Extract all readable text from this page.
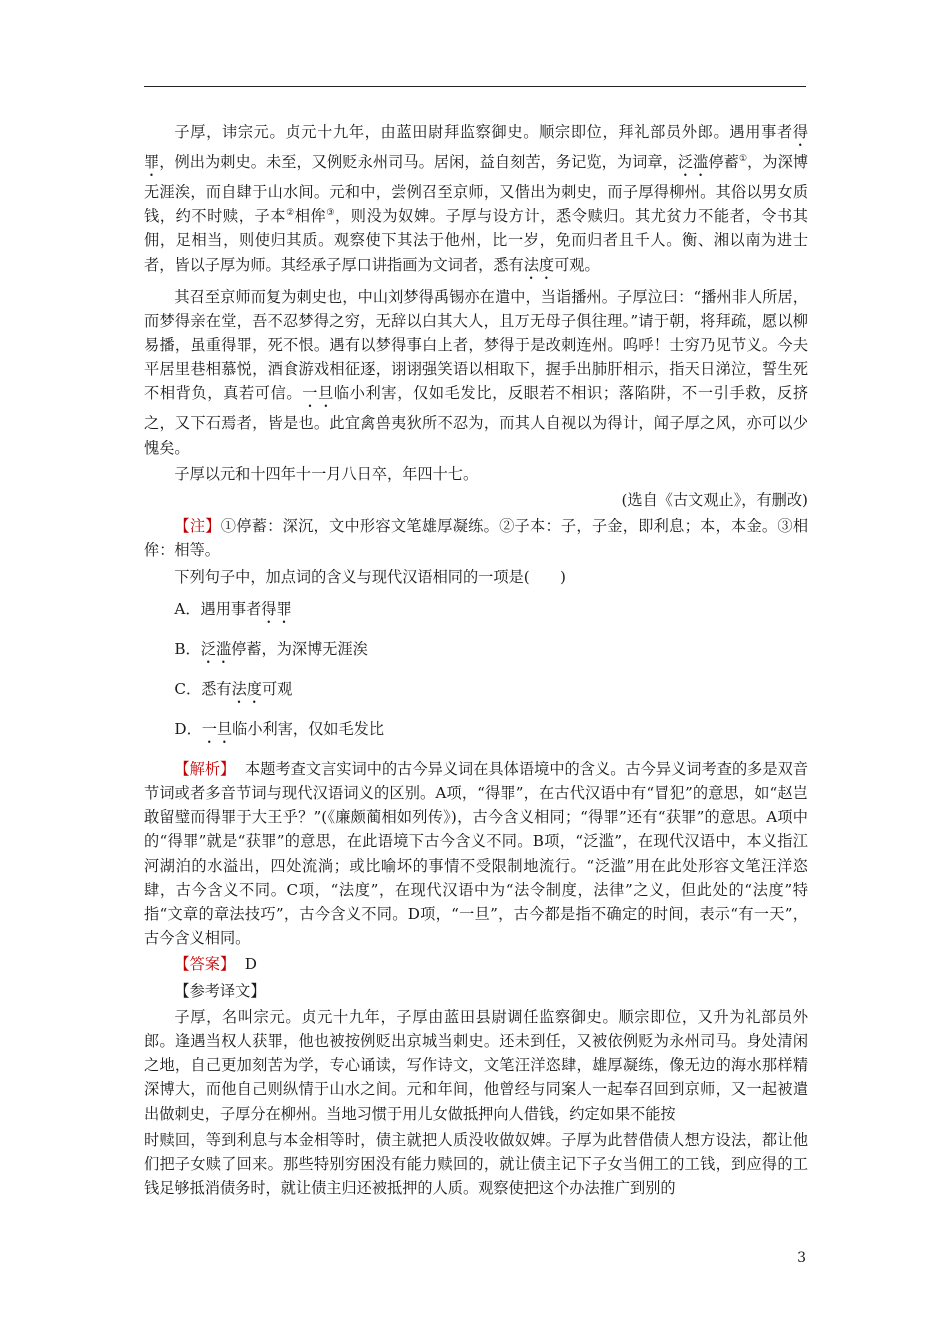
子厚，讳宗元。贞元十九年，由蓝田尉拜监察御史。顺宗即位，拜礼部员外郎。遇用事者得罪，例出为刺史。未至，又例贬永州司马。居闲，益自刻苦，务记览，为词章，泛滥停蓄①，为深博无涯涘，而自肆于山水间。元和中，尝例召至京师，又偕出为刺史，而子厚得柳州。其俗以男女质钱，约不时赎，子本②相侔③，则没为奴婢。子厚与设方计，悉令赎归。其尤贫力不能者，令书其佣，足相当，则使归其质。观察使下其法于他州，比一岁，免而归者且千人。衡、湘以南为进士者，皆以子厚为师。其经承子厚口讲指画为文词者，悉有法度可观。

其召至京师而复为刺史也，中山刘梦得禹锡亦在遣中，当诣播州。子厚泣曰：“播州非人所居，而梦得亲在堂，吾不忍梦得之穷，无辞以白其大人，且万无母子俱往理。”请于朝，将拜疏，愿以柳易播，虽重得罪，死不恨。遇有以梦得事白上者，梦得于是改刺连州。呜呼！士穷乃见节义。今夫平居里巷相慕悦，酒食游戏相征逐，诩诩强笑语以相取下，握手出肺肝相示，指天日涕泣，誓生死不相背负，真若可信。一旦临小利害，仅如毛发比，反眼若不相识；落陷阱，不一引手救，反挤之，又下石焉者，皆是也。此宜禽兽夷狄所不忍为，而其人自视以为得计，闻子厚之风，亦可以少愧矣。

子厚以元和十四年十一月八日卒，年四十七。

(选自《古文观止》，有删改)

【注】①停蓄：深沉，文中形容文笔雄厚凝练。②子本：子，子金，即利息；本，本金。③相侔：相等。

下列句子中，加点词的含义与现代汉语相同的一项是( )

A．遇用事者得罪

B．泛滥停蓄，为深博无涯涘

C．悉有法度可观

D．一旦临小利害，仅如毛发比

【解析】 本题考查文言实词中的古今异义词在具体语境中的含义。古今异义词考查的多是双音节词或者多音节词与现代汉语词义的区别。A项，“得罪”，在古代汉语中有“冒犯”的意思，如“赵岂敢留璧而得罪于大王乎？”(《廉颇蔺相如列传》)，古今含义相同；“得罪”还有“获罪”的意思。A项中的“得罪”就是“获罪”的意思，在此语境下古今含义不同。B项，“泛滥”，在现代汉语中，本义指江河湖泊的水溢出，四处流淌；或比喻坏的事情不受限制地流行。“泛滥”用在此处形容文笔汪洋恣肆，古今含义不同。C项，“法度”，在现代汉语中为“法令制度，法律”之义，但此处的“法度”特指“文章的章法技巧”，古今含义不同。D项，“一旦”，古今都是指不确定的时间，表示“有一天”，古今含义相同。

【答案】 D

【参考译文】

子厚，名叫宗元。贞元十九年，子厚由蓝田县尉调任监察御史。顺宗即位，又升为礼部员外郎。逢遇当权人获罪，他也被按例贬出京城当刺史。还未到任，又被依例贬为永州司马。身处清闲之地，自己更加刻苦为学，专心诵读，写作诗文，文笔汪洋恣肆，雄厚凝练，像无边的海水那样精深博大，而他自己则纵情于山水之间。元和年间，他曾经与同案人一起奉召回到京师，又一起被遣出做刺史，子厚分在柳州。当地习惯于用儿女做抵押向人借钱，约定如果不能按

时赎回，等到利息与本金相等时，债主就把人质没收做奴婢。子厚为此替借债人想方设法，都让他们把子女赎了回来。那些特别穷困没有能力赎回的，就让债主记下子女当佣工的工钱，到应得的工钱足够抵消债务时，就让债主归还被抵押的人质。观察使把这个办法推广到别的

3
